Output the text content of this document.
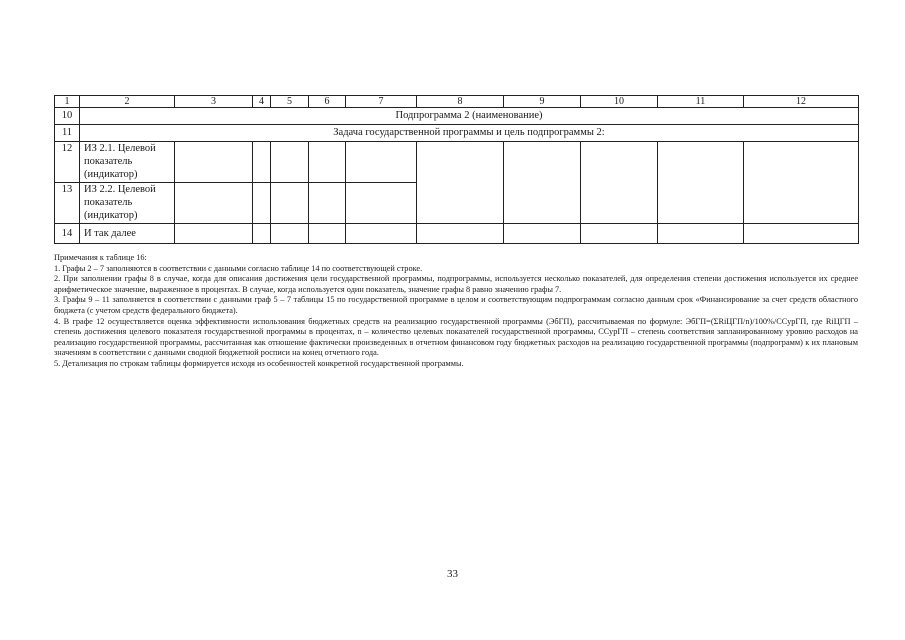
1	2	3	4	5	6	7	8	9	10	11	12
10	Подпрограмма 2 (наименование)										
11	Задача государственной программы и цель подпрограммы 2:										
12	ИЗ 2.1. Целевой показатель (индикатор)										
13	ИЗ 2.2. Целевой показатель (индикатор)										
14	И так далее										

Примечания к таблице 16:

1. Графы 2 – 7 заполняются в соответствии с данными согласно таблице 14 по соответствующей строке.

2. При заполнении графы 8 в случае, когда для описания достижения цели государственной программы, подпрограммы, используется несколько показателей, для определения степени достижения используется их среднее арифметическое значение, выраженное в процентах. В случае, когда используется один показатель, значение графы 8 равно значению графы 7.

3. Графы 9 – 11 заполняется в соответствии с данными граф 5 – 7 таблицы 15 по государственной программе в целом и соответствующим подпрограммам согласно данным срок «Финансирование за счет средств областного бюджета (с учетом средств федерального бюджета).

4. В графе 12 осуществляется оценка эффективности использования бюджетных средств на реализацию государственной программы (ЭбГП), рассчитываемая по формуле: ЭбГП=(ΣRiЦГП/n)/100%/ССурГП, где RiЦГП – степень достижения целевого показателя государственной программы в процентах, n – количество целевых показателей государственной программы, ССурГП – степень соответствия запланированному уровню расходов на реализацию государственной программы, рассчитанная как отношение фактически произведенных в отчетном финансовом году бюджетных расходов на реализацию государственной программы (подпрограмм) к их плановым значениям в соответствии с данными сводной бюджетной росписи на конец отчетного года.

5. Детализация по строкам таблицы формируется исходя из особенностей конкретной государственной программы.

33
